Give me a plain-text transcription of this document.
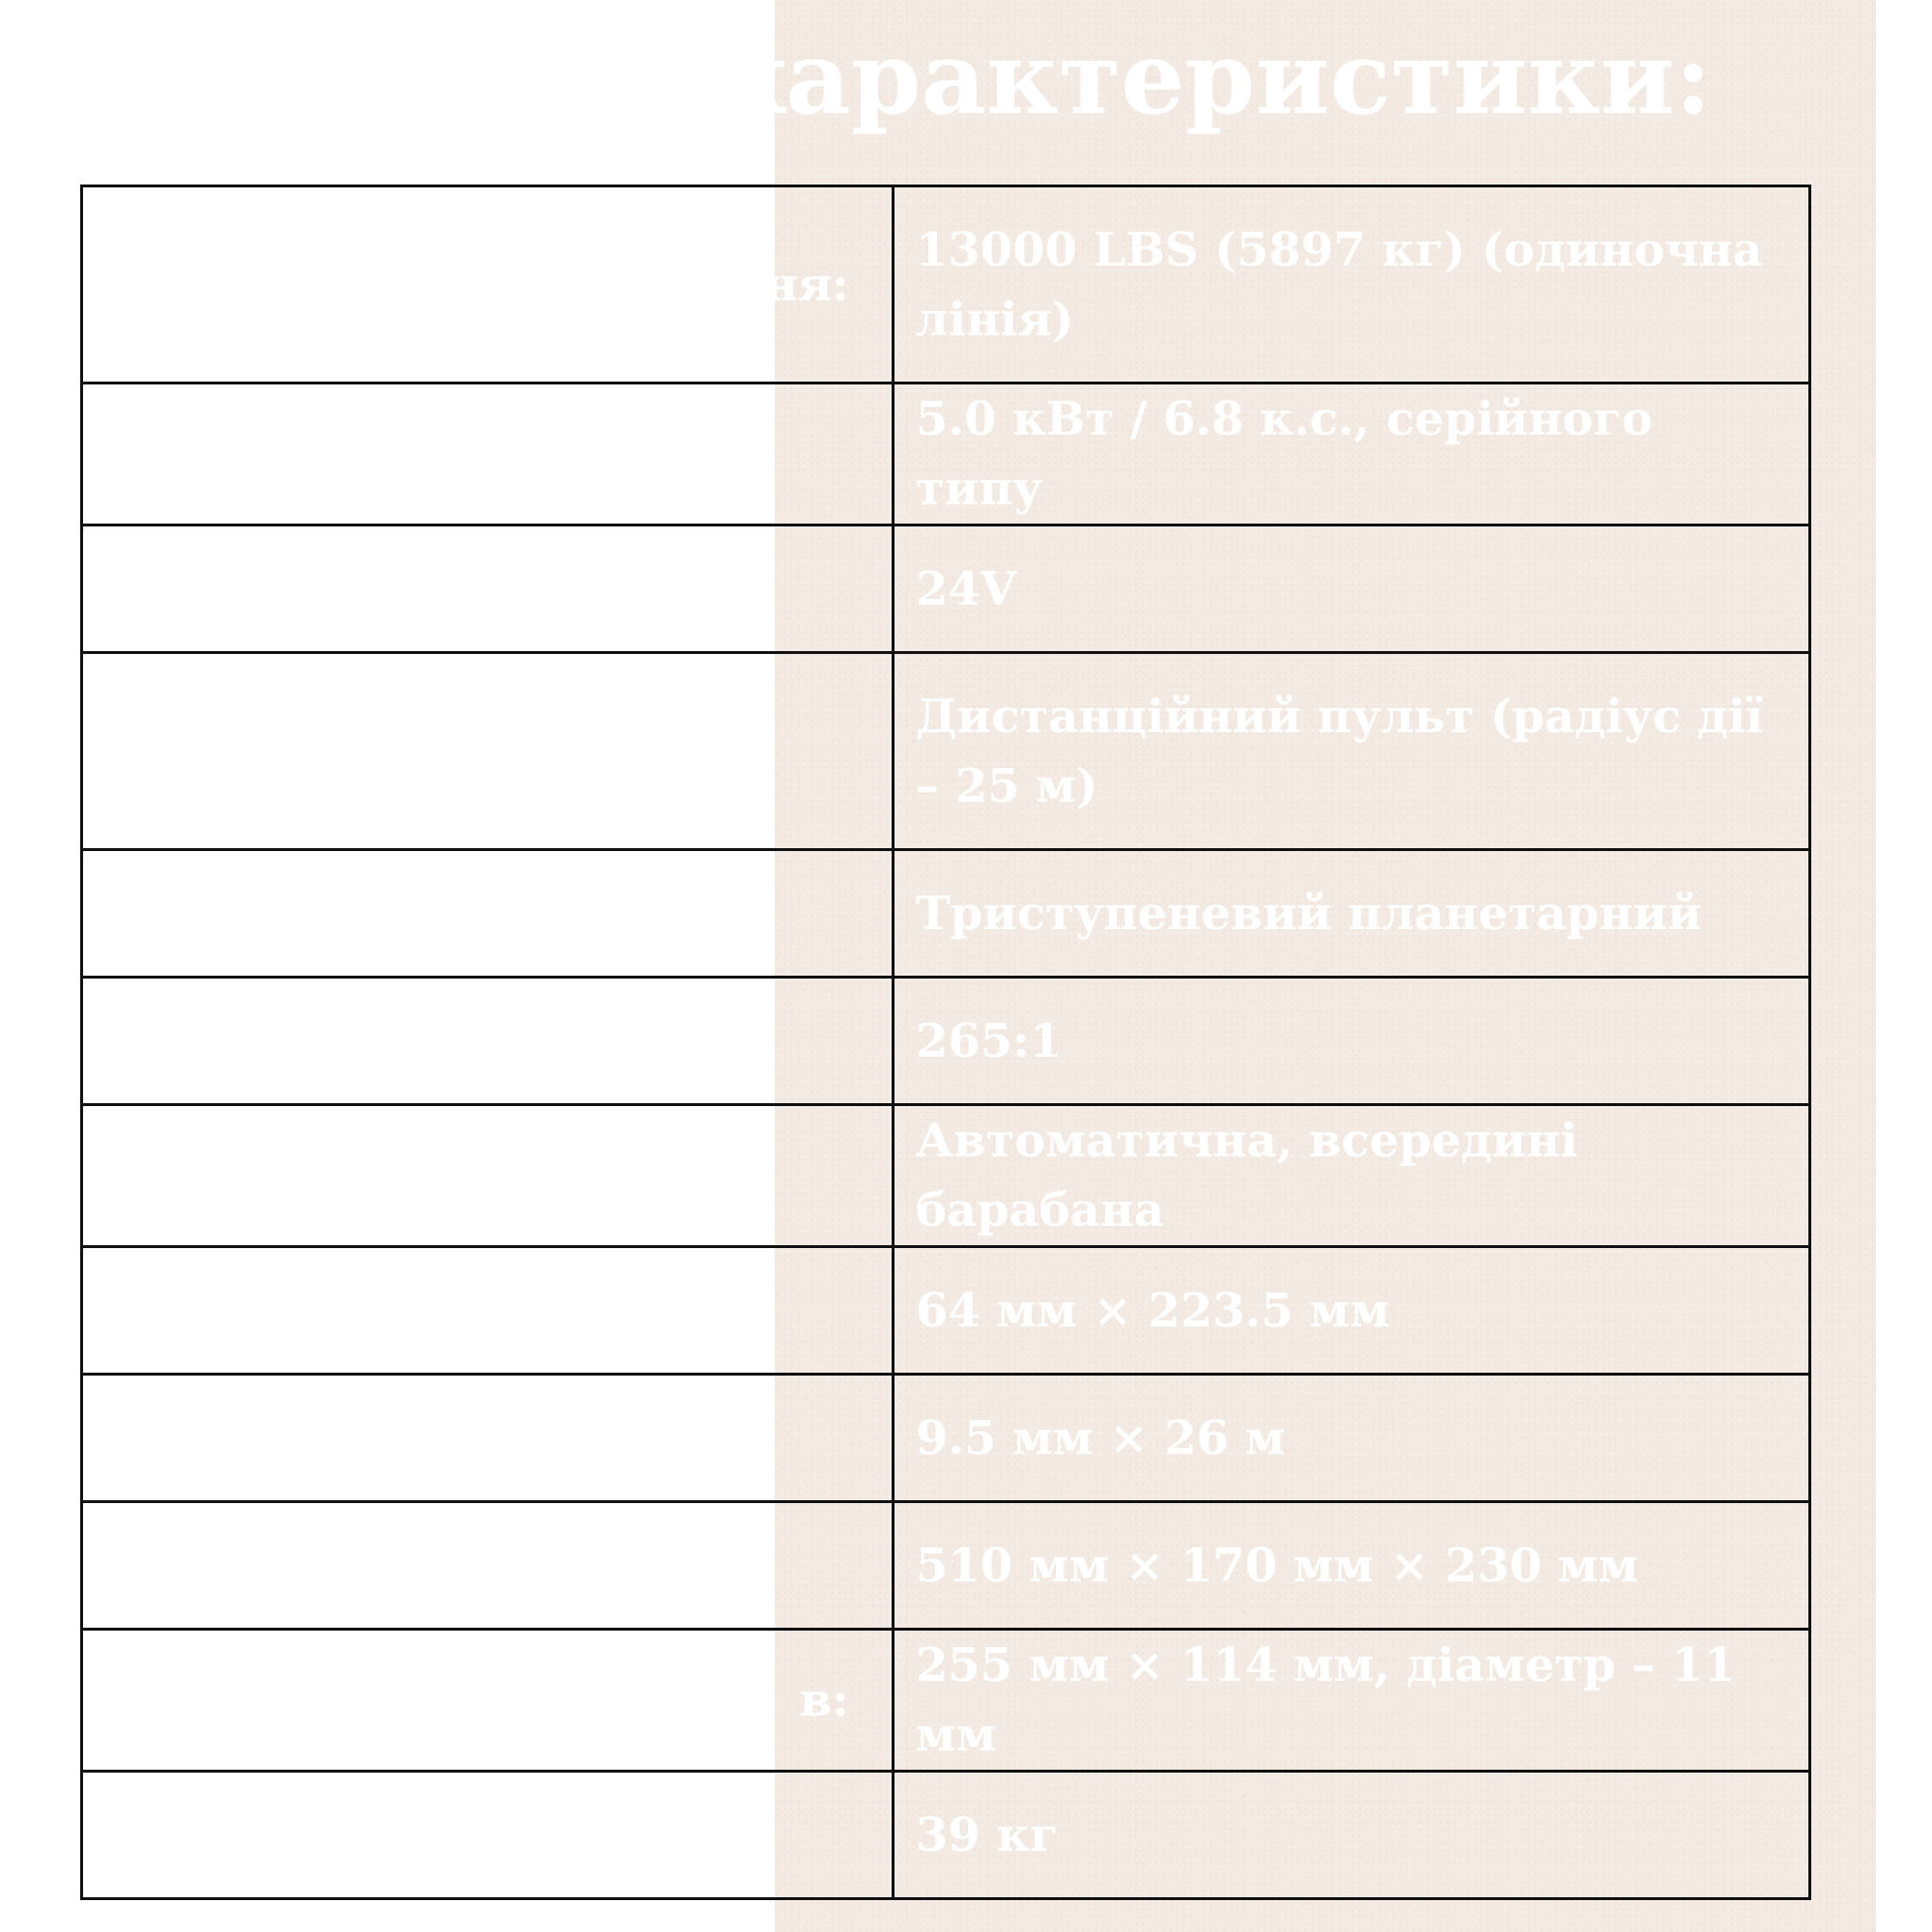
характеристики:
ня:	13000 LBS (5897 кг) (одиночна лінія)
	5.0 кВт / 6.8 к.с., серійного типу
	24V
	Дистанційний пульт (радіус дії – 25 м)
	Триступеневий планетарний
	265:1
	Автоматична, всередині барабана
	64 мм × 223.5 мм
	9.5 мм × 26 м
	510 мм × 170 мм × 230 мм
в:	255 мм × 114 мм, діаметр – 11 мм
	39 кг
